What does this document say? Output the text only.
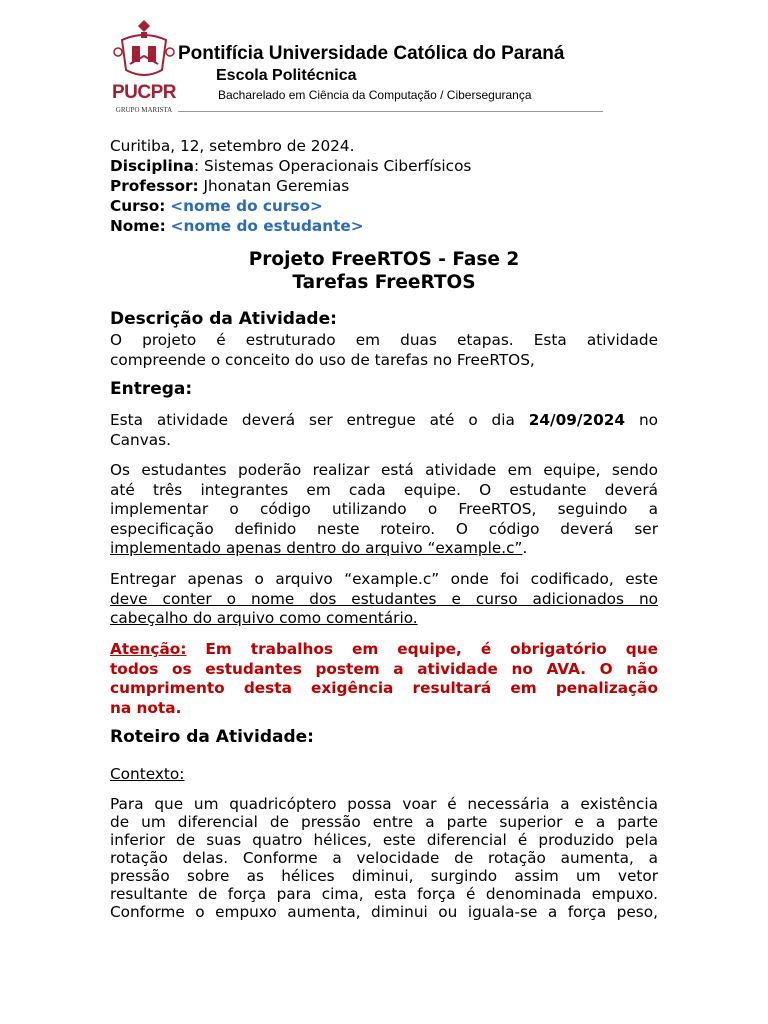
PUCPR
GRUPO MARISTA
Pontifícia Universidade Católica do Paraná
Escola Politécnica
Bacharelado em Ciência da Computação / Cibersegurança
Curitiba, 12, setembro de 2024.
Disciplina: Sistemas Operacionais Ciberfísicos
Professor: Jhonatan Geremias
Curso: <nome do curso>
Nome: <nome do estudante>
Projeto FreeRTOS - Fase 2
Tarefas FreeRTOS
Descrição da Atividade:
O projeto é estruturado em duas etapas. Esta atividade
compreende o conceito do uso de tarefas no FreeRTOS,
Entrega:
Esta atividade deverá ser entregue até o dia 24/09/2024 no
Canvas.
Os estudantes poderão realizar está atividade em equipe, sendo
até três integrantes em cada equipe. O estudante deverá
implementar o código utilizando o FreeRTOS, seguindo a
especificação definido neste roteiro. O código deverá ser
implementado apenas dentro do arquivo “example.c”.
Entregar apenas o arquivo “example.c” onde foi codificado, este
deve conter o nome dos estudantes e curso adicionados no
cabeçalho do arquivo como comentário.
Atenção: Em trabalhos em equipe, é obrigatório que
todos os estudantes postem a atividade no AVA. O não
cumprimento desta exigência resultará em penalização
na nota.
Roteiro da Atividade:
Contexto:
Para que um quadricóptero possa voar é necessária a existência
de um diferencial de pressão entre a parte superior e a parte
inferior de suas quatro hélices, este diferencial é produzido pela
rotação delas. Conforme a velocidade de rotação aumenta, a
pressão sobre as hélices diminui, surgindo assim um vetor
resultante de força para cima, esta força é denominada empuxo.
Conforme o empuxo aumenta, diminui ou iguala-se a força peso,
